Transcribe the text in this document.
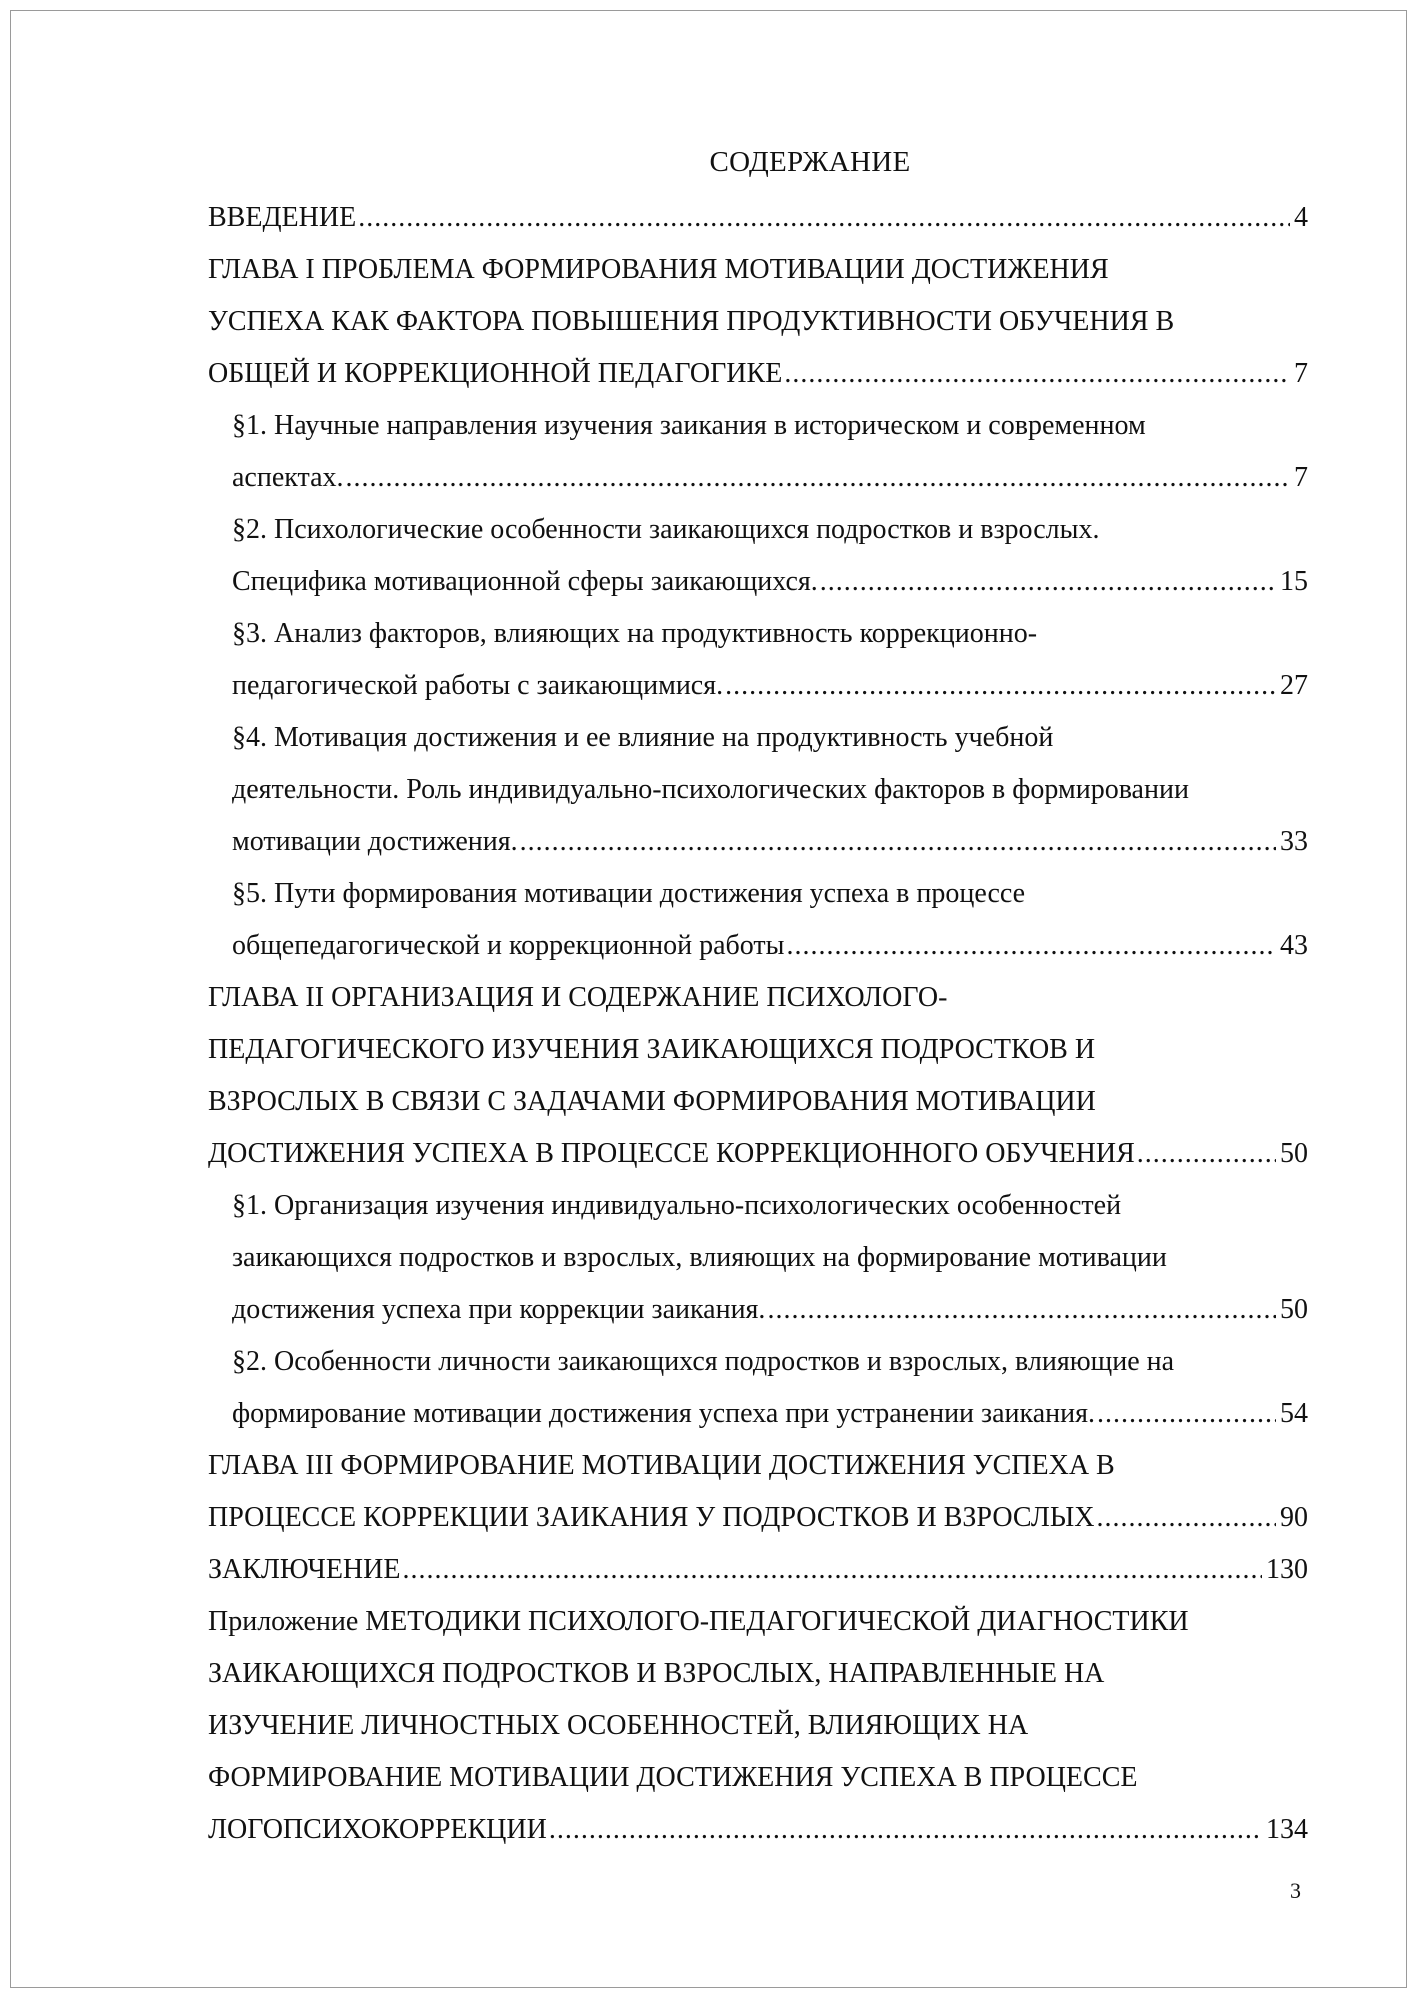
СОДЕРЖАНИЕ
ВВЕДЕНИЕ .....	4
ГЛАВА I ПРОБЛЕМА ФОРМИРОВАНИЯ МОТИВАЦИИ ДОСТИЖЕНИЯ
УСПЕХА КАК ФАКТОРА ПОВЫШЕНИЯ ПРОДУКТИВНОСТИ ОБУЧЕНИЯ В
ОБЩЕЙ И КОРРЕКЦИОННОЙ ПЕДАГОГИКЕ .....	7
§1. Научные направления изучения заикания в историческом и современном
аспектах. .....	7
§2. Психологические особенности заикающихся подростков и взрослых.
Специфика мотивационной сферы заикающихся. .....	15
§3. Анализ факторов, влияющих на продуктивность коррекционно-
педагогической работы с заикающимися. .....	27
§4. Мотивация достижения и ее влияние на продуктивность учебной
деятельности. Роль индивидуально-психологических факторов в формировании
мотивации достижения. .....	33
§5. Пути формирования мотивации достижения успеха в процессе
общепедагогической и коррекционной работы .....	43
ГЛАВА II ОРГАНИЗАЦИЯ И СОДЕРЖАНИЕ ПСИХОЛОГО-
ПЕДАГОГИЧЕСКОГО ИЗУЧЕНИЯ ЗАИКАЮЩИХСЯ ПОДРОСТКОВ И
ВЗРОСЛЫХ В СВЯЗИ С ЗАДАЧАМИ ФОРМИРОВАНИЯ МОТИВАЦИИ
ДОСТИЖЕНИЯ УСПЕХА В ПРОЦЕССЕ КОРРЕКЦИОННОГО ОБУЧЕНИЯ .....	50
§1. Организация изучения индивидуально-психологических особенностей
заикающихся подростков и взрослых, влияющих на формирование мотивации
достижения успеха при коррекции заикания. .....	50
§2. Особенности личности заикающихся подростков и взрослых, влияющие на
формирование мотивации достижения успеха при устранении заикания. .....	54
ГЛАВА III ФОРМИРОВАНИЕ МОТИВАЦИИ ДОСТИЖЕНИЯ УСПЕХА В
ПРОЦЕССЕ КОРРЕКЦИИ ЗАИКАНИЯ У ПОДРОСТКОВ И ВЗРОСЛЫХ .....	90
ЗАКЛЮЧЕНИЕ .....	130
Приложение МЕТОДИКИ ПСИХОЛОГО-ПЕДАГОГИЧЕСКОЙ ДИАГНОСТИКИ
ЗАИКАЮЩИХСЯ ПОДРОСТКОВ И ВЗРОСЛЫХ, НАПРАВЛЕННЫЕ НА
ИЗУЧЕНИЕ ЛИЧНОСТНЫХ ОСОБЕННОСТЕЙ, ВЛИЯЮЩИХ НА
ФОРМИРОВАНИЕ МОТИВАЦИИ ДОСТИЖЕНИЯ УСПЕХА В ПРОЦЕССЕ
ЛОГОПСИХОКОРРЕКЦИИ .....	134
3
